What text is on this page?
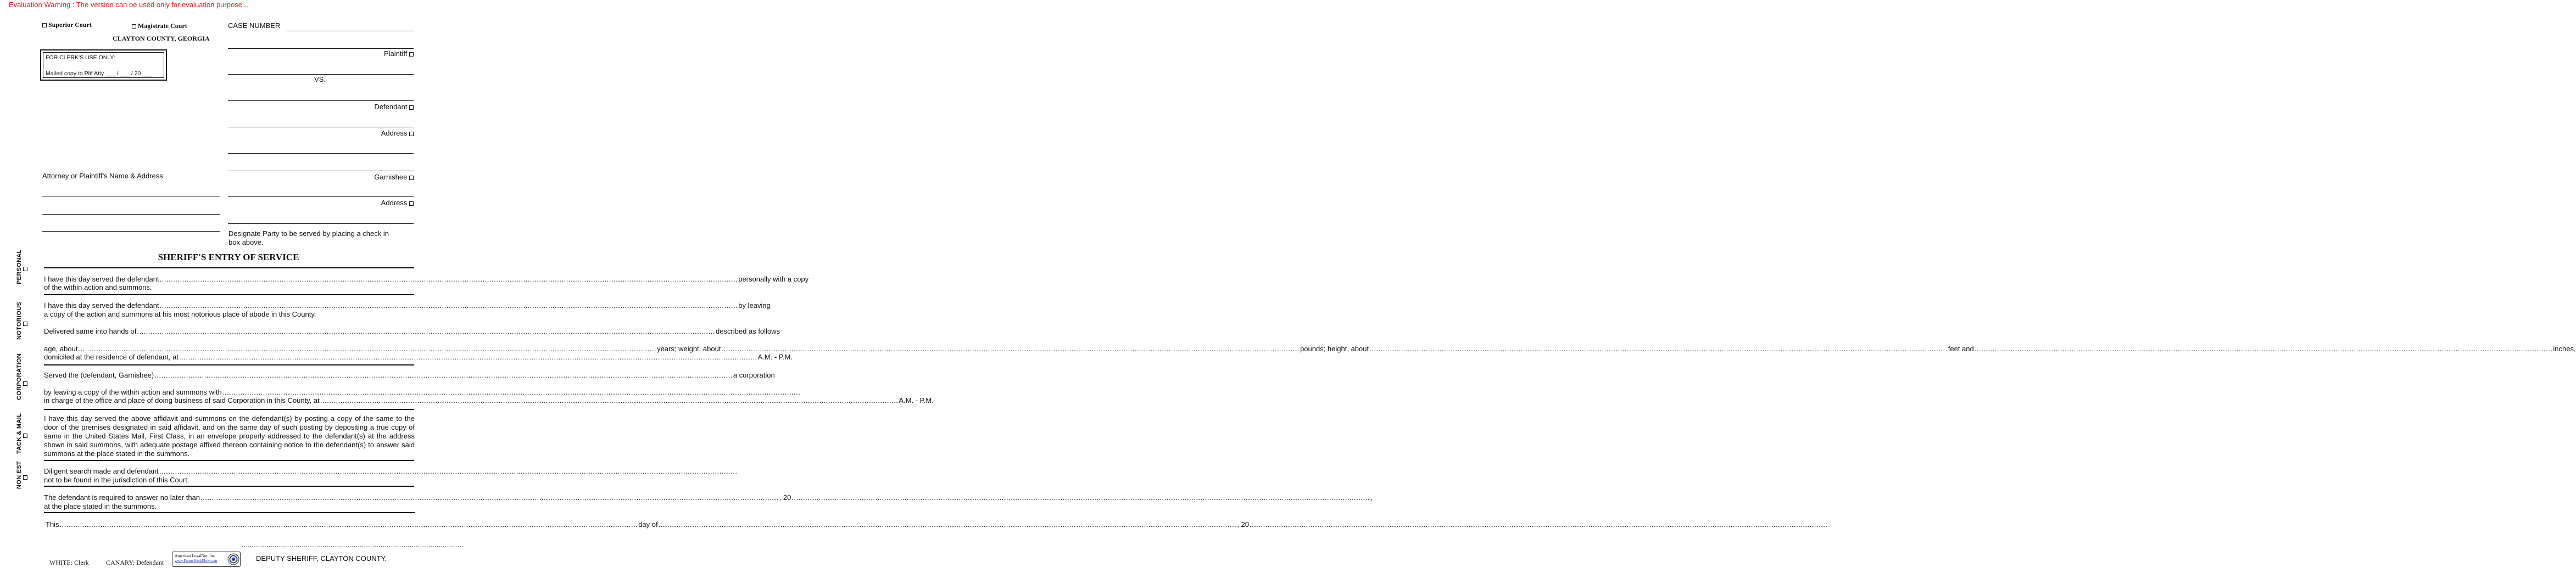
Evaluation Warning : The version can be used only for evaluation purpose...
Superior Court	Magistrate Court
CLAYTON COUNTY, GEORGIA
FOR CLERK'S USE ONLY:
Mailed copy to Pltf Atty ___ / ___ / 20 ___
CASE NUMBER
Plaintiff
VS.
Defendant
Address
Garnishee
Address
Designate Party to be served by placing a check in box above.
Attorney or Plaintiff's Name & Address
SHERIFF'S ENTRY OF SERVICE
PERSONAL
NOTORIOUS
CORPORATION
TACK & MAIL
NON EST
I have this day served the defendant .....	personally with a copy
of the within action and summons.
I have this day served the defendant .....	by leaving
a copy of the action and summons at his most notorious place of abode in this County.
Delivered same into hands of .....	described as follows
age, about .....	years; weight, about .....	pounds; height, about .....	feet and .....	inches,
domiciled at the residence of defendant, at .....	A.M. - P.M.
Served the (defendant, Garnishee) .....	a corporation
by leaving a copy of the within action and summons with
.....
in charge of the office and place of doing business of said Corporation in this County, at .....	A.M. - P.M.
I have this day served the above affidavit and summons on the defendant(s) by posting a copy of the same to the door of the premises designated in said affidavit, and on the same day of such posting by depositing a true copy of same in the United States Mail, First Class, in an envelope properly addressed to the defendant(s) at the address shown in said summons, with adequate postage affixed thereon containing notice to the defendant(s) to answer said summons at the place stated in the summons.
Diligent search made and defendant
.....
not to be found in the jurisdiction of this Court.
The defendant is required to answer no later than .....	, 20 .....	,
at the place stated in the summons.
This .....	day of .....	, 20
.....
...........................................................................................................
DEPUTY SHERIFF, CLAYTON COUNTY.
WHITE: Clerk	CANARY: Defendant
American LegalNet, Inc.
www.FormsWorkFlow.com
